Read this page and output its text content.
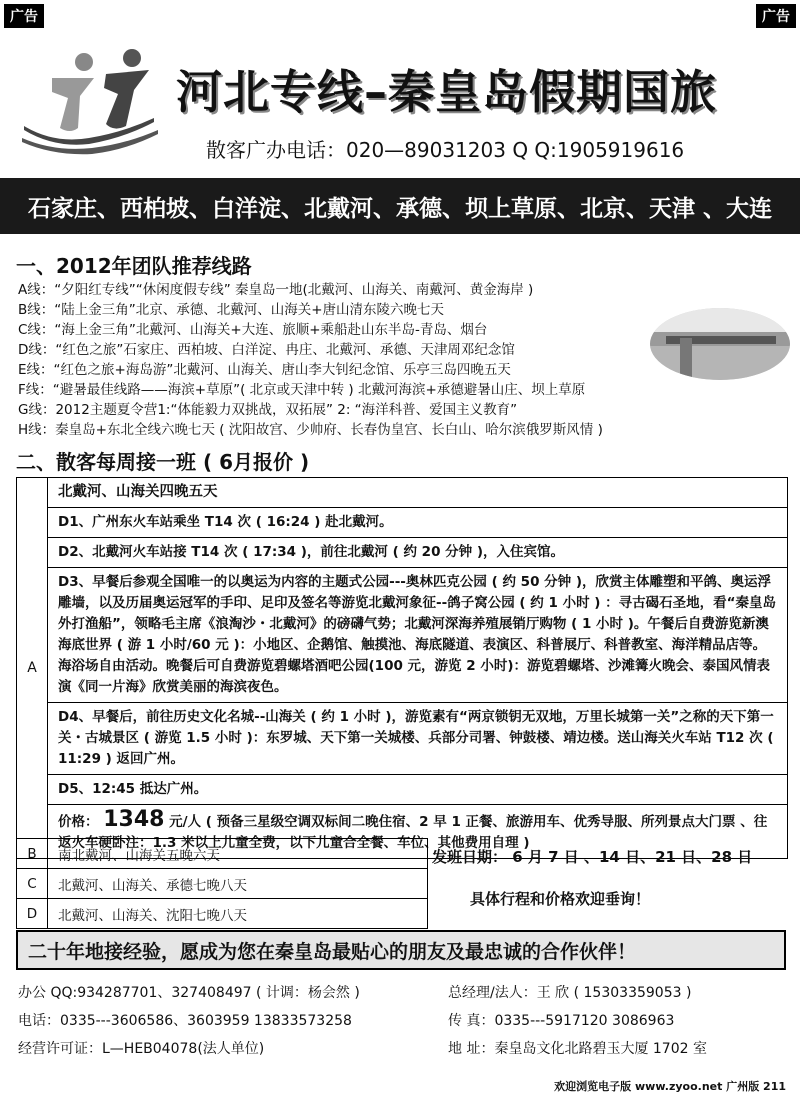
广告	广告
河北专线–秦皇岛假期国旅
散客广办电话：020—89031203 Q Q:1905919616
石家庄、西柏坡、白洋淀、北戴河、承德、坝上草原、北京、天津 、大连
一、2012年团队推荐线路
A线：“夕阳红专线”“休闲度假专线” 秦皇岛一地(北戴河、山海关、南戴河、黄金海岸 )
B线：“陆上金三角”北京、承德、北戴河、山海关+唐山清东陵六晚七天
C线：“海上金三角”北戴河、山海关+大连、旅顺+乘船赴山东半岛-青岛、烟台
D线：“红色之旅”石家庄、西柏坡、白洋淀、冉庄、北戴河、承德、天津周邓纪念馆
E线：“红色之旅+海岛游”北戴河、山海关、唐山李大钊纪念馆、乐亭三岛四晚五天
F线：“避暑最佳线路——海滨+草原”( 北京或天津中转 ) 北戴河海滨+承德避暑山庄、坝上草原
G线：2012主题夏令营1:“体能毅力双挑战，双拓展” 2: “海洋科普、爱国主义教育”
H线：秦皇岛+东北全线六晚七天 ( 沈阳故宫、少帅府、长春伪皇宫、长白山、哈尔滨俄罗斯风情 )
二、散客每周接一班 ( 6月报价 )
A
北戴河、山海关四晚五天
D1、广州东火车站乘坐 T14 次 ( 16:24 ) 赴北戴河。
D2、北戴河火车站接 T14 次 ( 17:34 )，前往北戴河 ( 约 20 分钟 )，入住宾馆。
D3、早餐后参观全国唯一的以奥运为内容的主题式公园---奥林匹克公园 ( 约 50 分钟 )，欣赏主体雕塑和平鸽、奥运浮雕墙，以及历届奥运冠军的手印、足印及签名等游览北戴河象征--鸽子窝公园 ( 约 1 小时 ) ：寻古碣石圣地，看“秦皇岛外打渔船”，领略毛主席《浪淘沙・北戴河》的磅礴气势；北戴河深海养殖展销厅购物 ( 1 小时 )。午餐后自费游览新澳海底世界 ( 游 1 小时/60 元 )：小地区、企鹅馆、触摸池、海底隧道、表演区、科普展厅、科普教室、海洋精品店等。海浴场自由活动。晚餐后可自费游览碧螺塔酒吧公园(100 元，游览 2 小时)：游览碧螺塔、沙滩篝火晚会、泰国风情表演《同一片海》欣赏美丽的海滨夜色。
D4、早餐后，前往历史文化名城--山海关 ( 约 1 小时 )，游览素有“两京锁钥无双地，万里长城第一关”之称的天下第一关・古城景区 ( 游览 1.5 小时 )：东罗城、天下第一关城楼、兵部分司署、钟鼓楼、靖边楼。送山海关火车站 T12 次 ( 11:29 ) 返回广州。
D5、12:45 抵达广州。
价格： 1348 元/人 ( 预备三星级空调双标间二晚住宿、2 早 1 正餐、旅游用车、优秀导服、所列景点大门票 、往返火车硬卧注：1.3 米以上儿童全费，以下儿童合全餐、车位、其他费用自理 )
B	南北戴河、山海关五晚六天
C	北戴河、山海关、承德七晚八天
D	北戴河、山海关、沈阳七晚八天
发班日期： 6 月 7 日 、14 日、21 日、28 日
具体行程和价格欢迎垂询！
二十年地接经验，愿成为您在秦皇岛最贴心的朋友及最忠诚的合作伙伴！
办公 QQ:934287701、327408497 ( 计调：杨会然 )	总经理/法人：王 欣 ( 15303359053 )
电话：0335---3606586、3603959 13833573258	传 真：0335---5917120 3086963
经营许可证：L—HEB04078(法人单位)	地 址：秦皇岛文化北路碧玉大厦 1702 室
欢迎浏览电子版 www.zyoo.net 广州版 211
